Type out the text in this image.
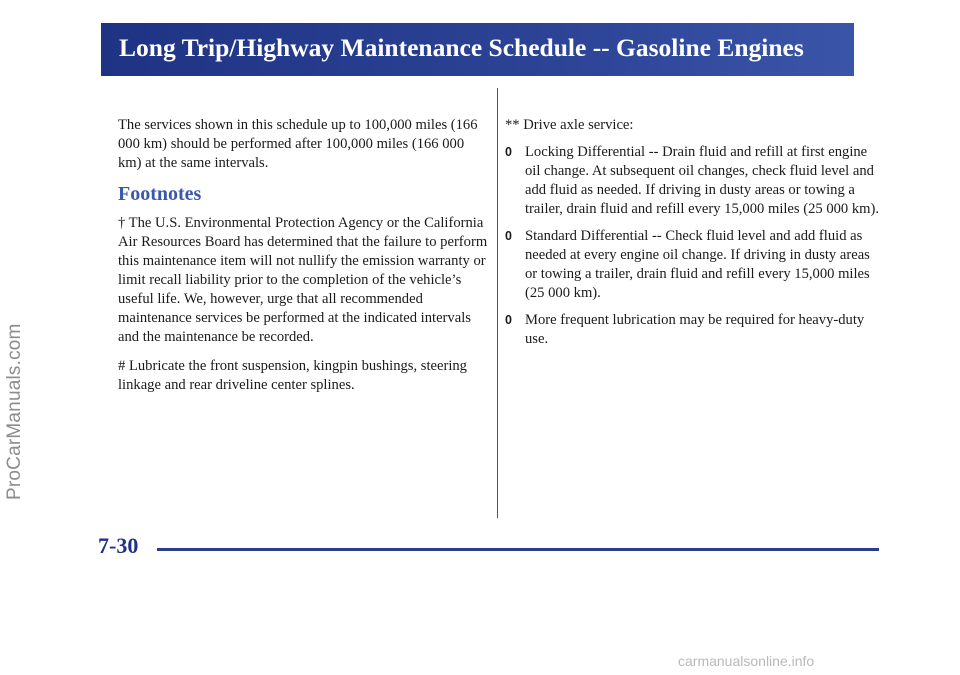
Long Trip/Highway Maintenance Schedule -- Gasoline Engines

The services shown in this schedule up to 100,000 miles (166 000 km) should be performed after 100,000 miles (166 000 km) at the same intervals.

Footnotes

† The U.S. Environmental Protection Agency or the California Air Resources Board has determined that the failure to perform this maintenance item will not nullify the emission warranty or limit recall liability prior to the completion of the vehicle’s useful life. We, however, urge that all recommended maintenance services be performed at the indicated intervals and the maintenance be recorded.

# Lubricate the front suspension, kingpin bushings, steering linkage and rear driveline center splines.

** Drive axle service:

0 Locking Differential -- Drain fluid and refill at first engine oil change. At subsequent oil changes, check fluid level and add fluid as needed. If driving in dusty areas or towing a trailer, drain fluid and refill every 15,000 miles (25 000 km).
0 Standard Differential -- Check fluid level and add fluid as needed at every engine oil change. If driving in dusty areas or towing a trailer, drain fluid and refill every 15,000 miles (25 000 km).
0 More frequent lubrication may be required for heavy-duty use.
7-30
ProCarManuals.com
carmanualsonline.info
